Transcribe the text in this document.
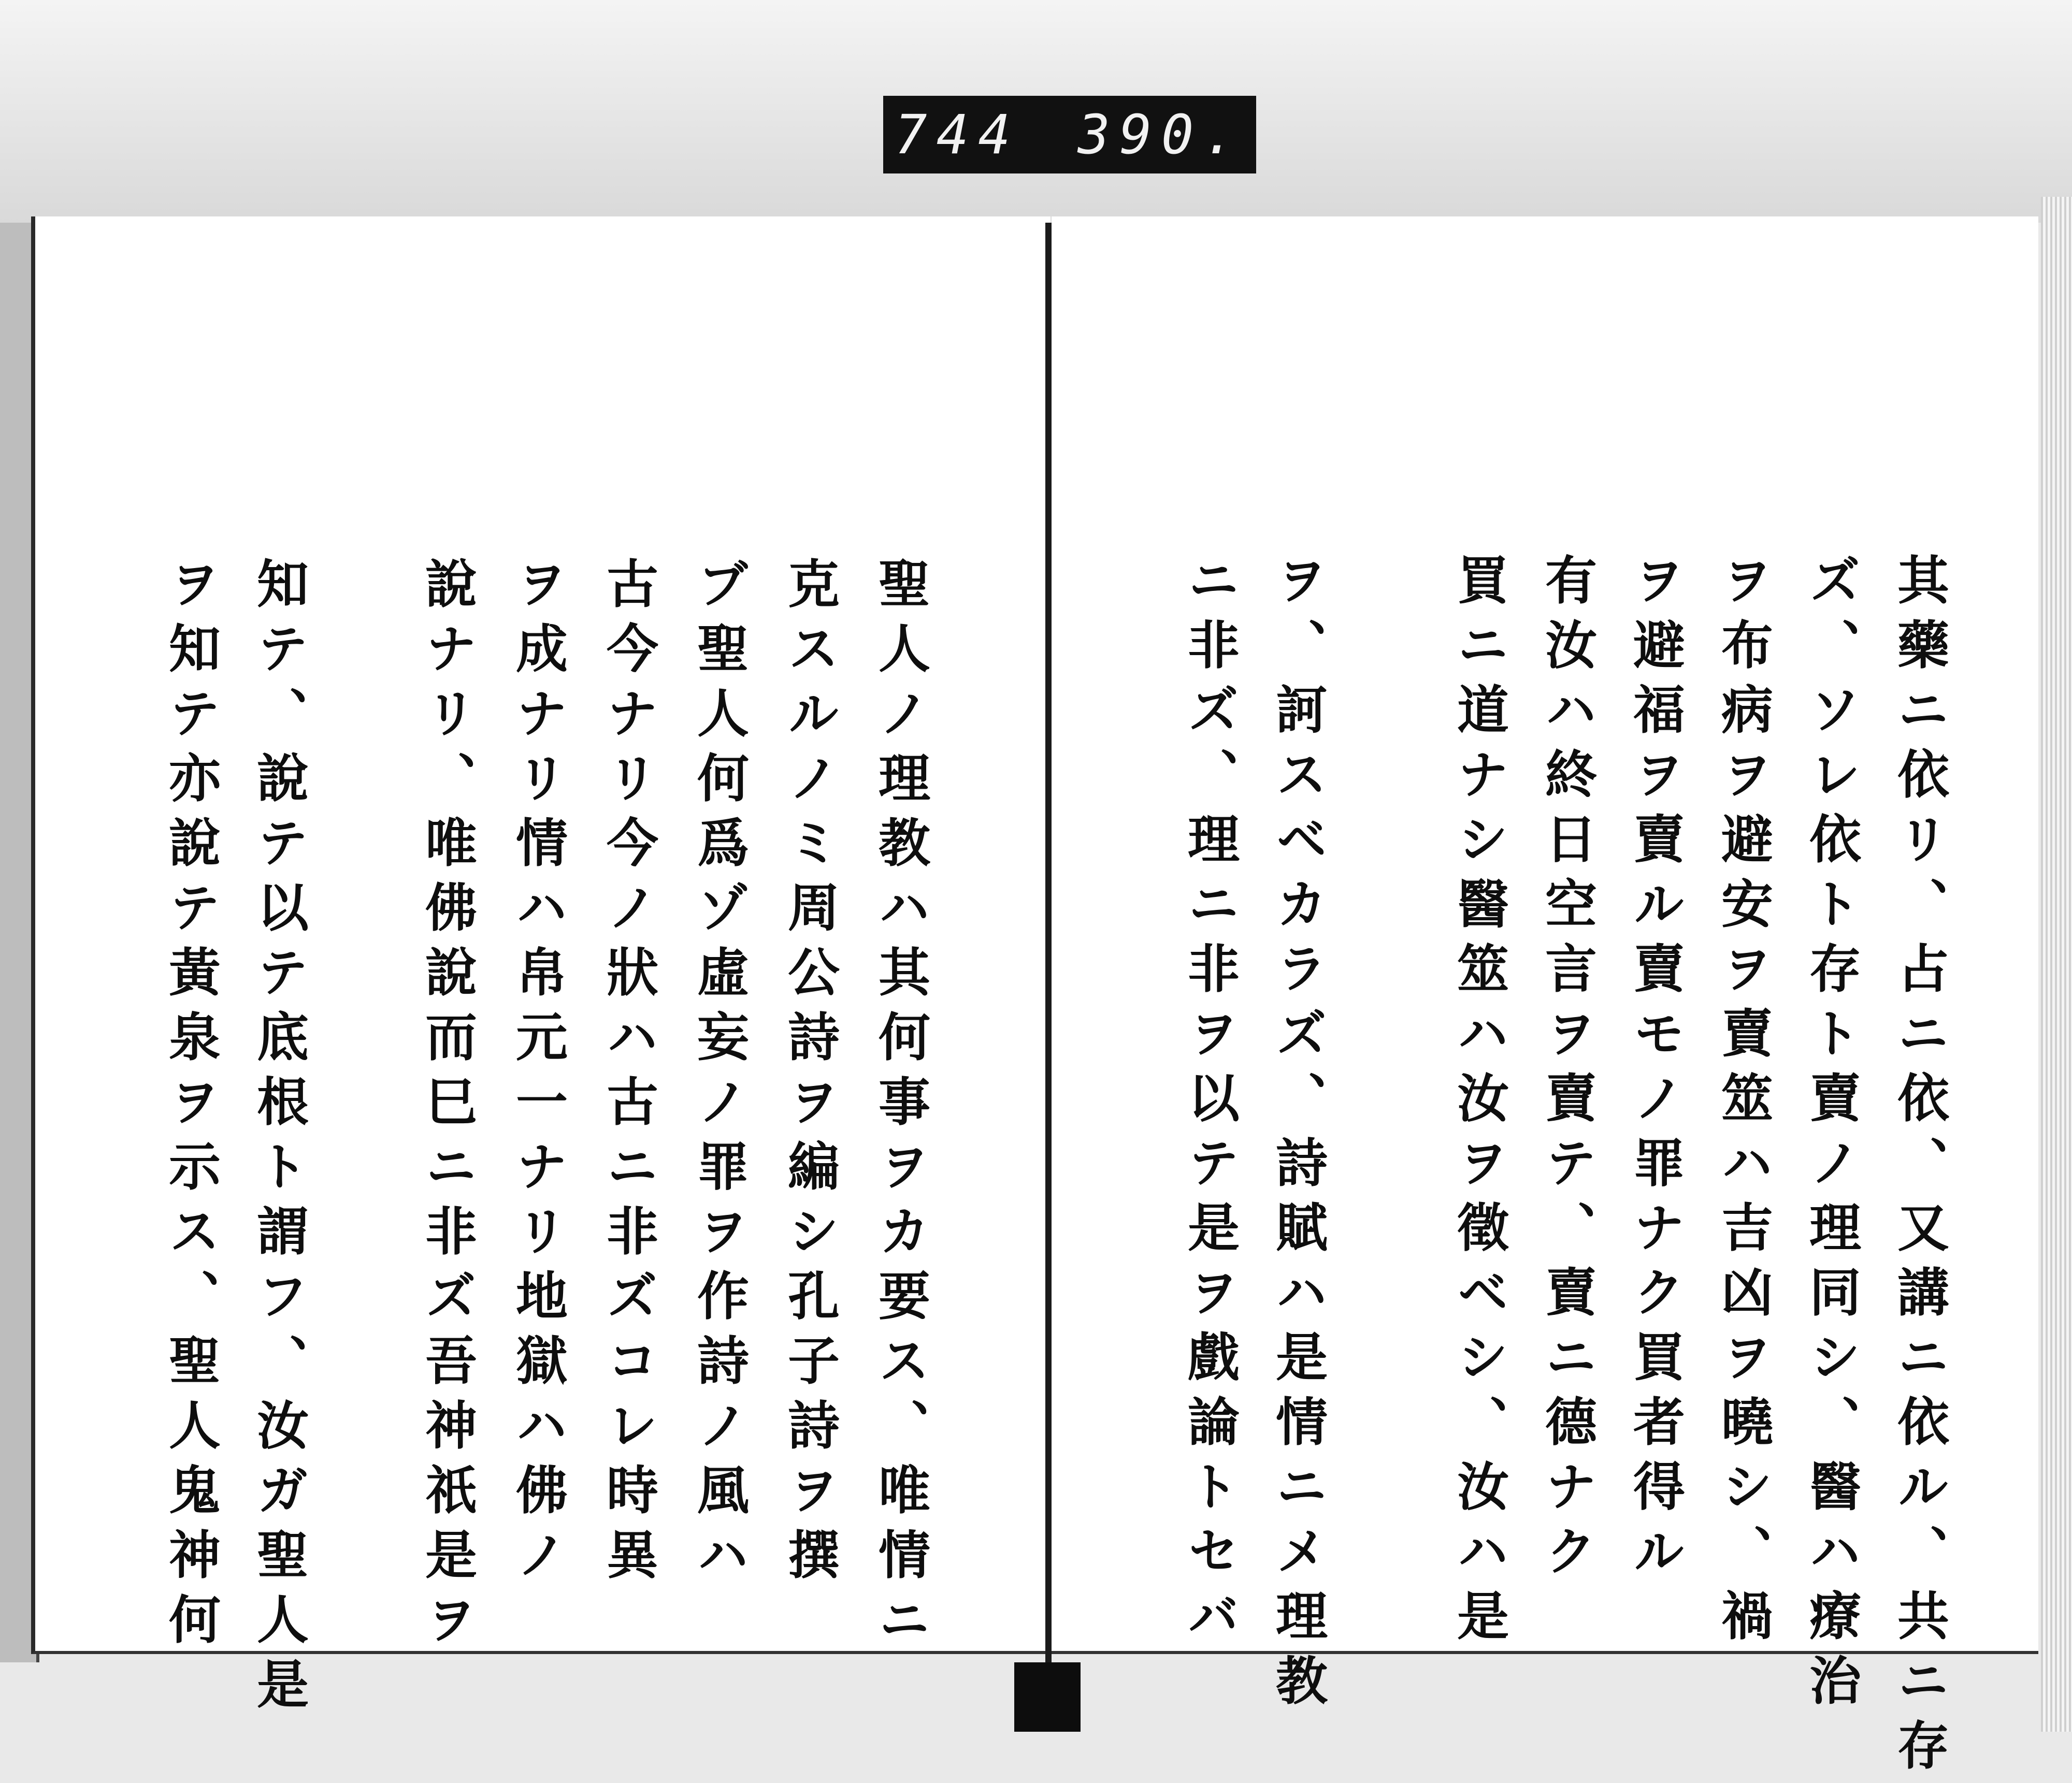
744 390.
聖人ノ理教ハ其何事ヲカ要ス、唯情ニ
克スルノミ周公詩ヲ編シ孔子詩ヲ撰
ブ聖人何爲ゾ虛妄ノ罪ヲ作詩ノ風ハ
古今ナリ今ノ狀ハ古ニ非ズコレ時異
ヲ成ナリ情ハ帛元一ナリ地獄ハ佛ノ
說ナリ、唯佛說而巳ニ非ズ吾神祇是ヲ
知テ、說テ以テ底根ト謂フ、汝ガ聖人是
ヲ知テ亦說テ黃泉ヲ示ス、聖人鬼神何	其藥ニ依リ、占ニ依、又講ニ依ル、共ニ存
ズ、ソレ依ト存ト賣ノ理同シ、醫ハ療治
ヲ布病ヲ避安ヲ賣筮ハ吉凶ヲ曉シ、禍
ヲ避福ヲ賣ル賣モノ罪ナク買者得ル
有汝ハ終日空言ヲ賣テ、賣ニ德ナク
買ニ道ナシ醫筮ハ汝ヲ徵ベシ、汝ハ是
ヲ、訶スベカラズ、詩賦ハ是情ニメ理教
ニ非ズ、理ニ非ヲ以テ是ヲ戲論トセバ
